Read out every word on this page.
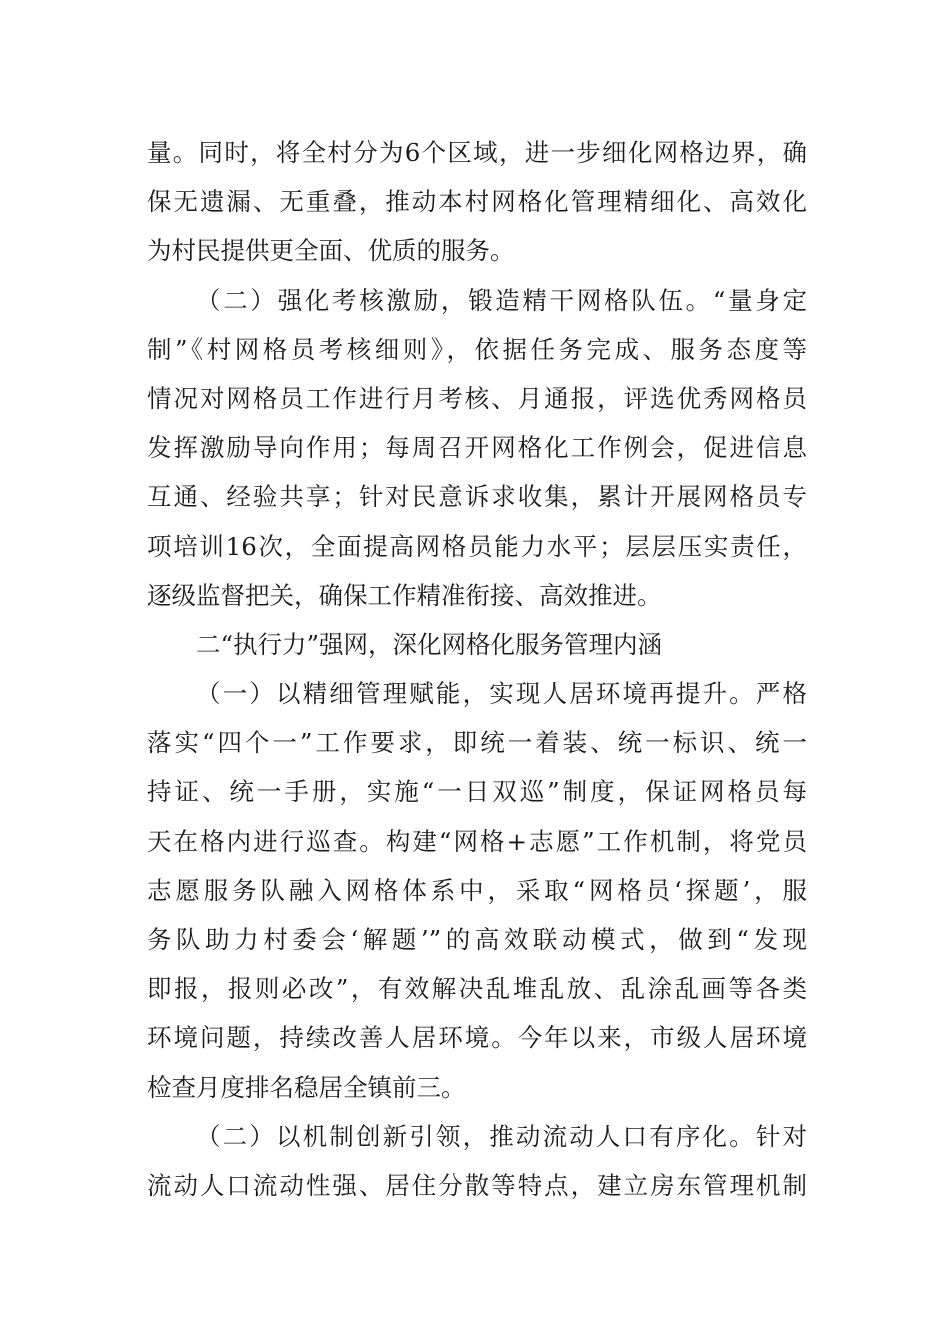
量。同时，将全村分为6个区域，进一步细化网格边界，确
保无遗漏、无重叠，推动本村网格化管理精细化、高效化
为村民提供更全面、优质的服务。
（二）强化考核激励，锻造精干网格队伍。“量身定
制”《村网格员考核细则》，依据任务完成、服务态度等
情况对网格员工作进行月考核、月通报，评选优秀网格员
发挥激励导向作用；每周召开网格化工作例会，促进信息
互通、经验共享；针对民意诉求收集，累计开展网格员专
项培训16次，全面提高网格员能力水平；层层压实责任，
逐级监督把关，确保工作精准衔接、高效推进。
二“执行力”强网，深化网格化服务管理内涵
（一）以精细管理赋能，实现人居环境再提升。严格
落实“四个一”工作要求，即统一着装、统一标识、统一
持证、统一手册，实施“一日双巡”制度，保证网格员每
天在格内进行巡查。构建“网格+志愿”工作机制，将党员
志愿服务队融入网格体系中，采取“网格员‘探题’，服
务队助力村委会‘解题’”的高效联动模式，做到“发现
即报，报则必改”，有效解决乱堆乱放、乱涂乱画等各类
环境问题，持续改善人居环境。今年以来，市级人居环境
检查月度排名稳居全镇前三。
（二）以机制创新引领，推动流动人口有序化。针对
流动人口流动性强、居住分散等特点，建立房东管理机制
